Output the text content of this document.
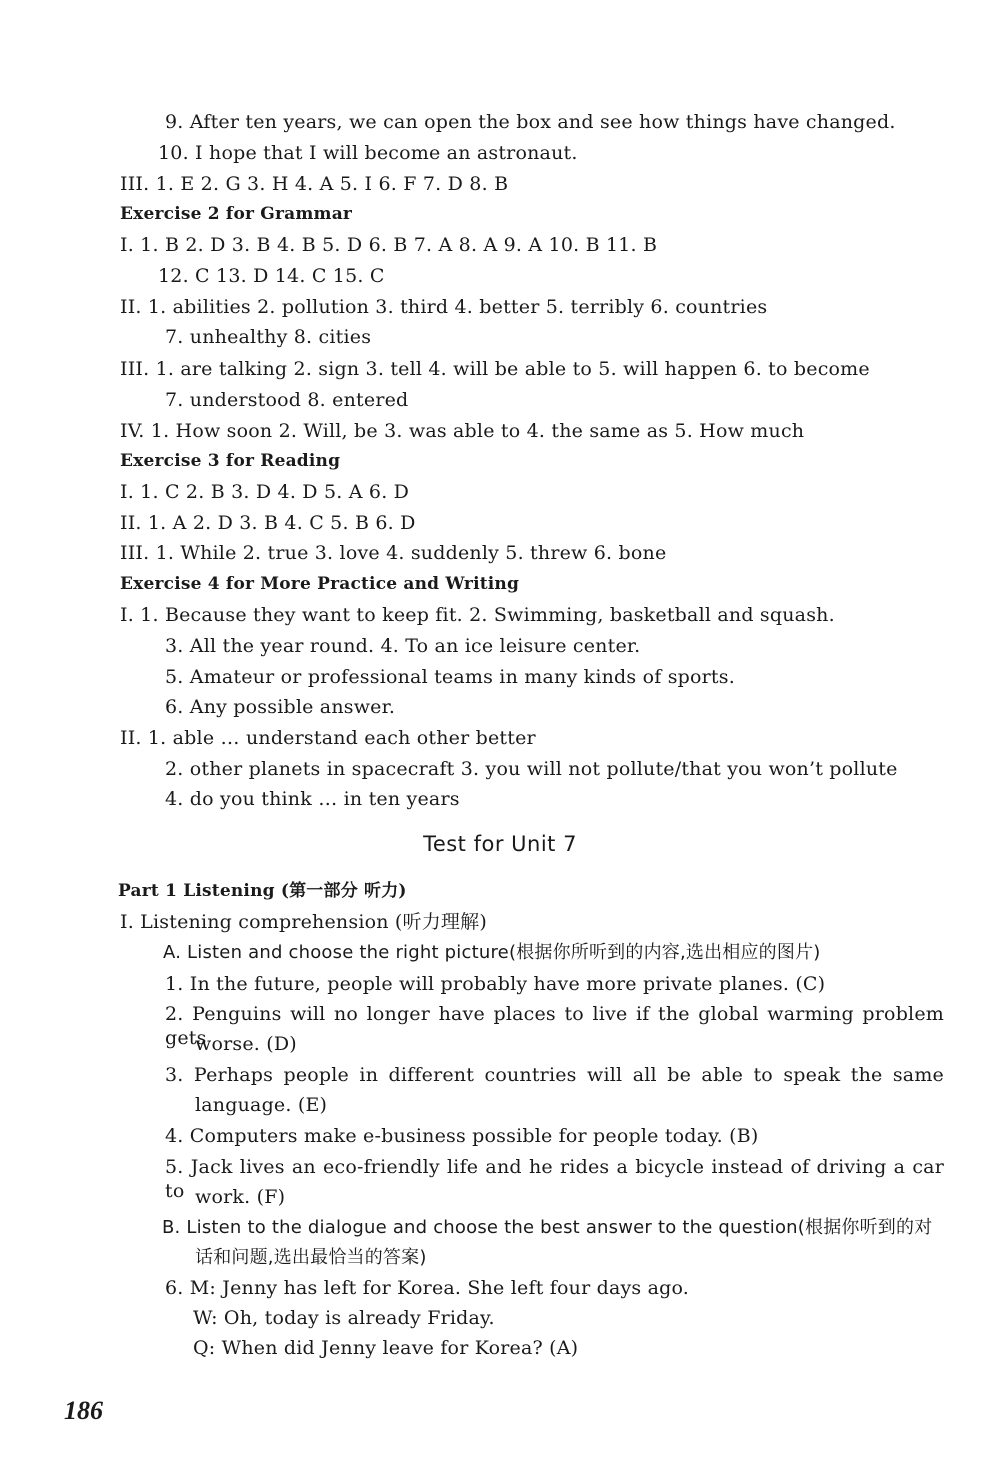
9. After ten years, we can open the box and see how things have changed.
10. I hope that I will become an astronaut.
III. 1. E 2. G 3. H 4. A 5. I 6. F 7. D 8. B
Exercise 2 for Grammar
I. 1. B 2. D 3. B 4. B 5. D 6. B 7. A 8. A 9. A 10. B 11. B
12. C 13. D 14. C 15. C
II. 1. abilities 2. pollution 3. third 4. better 5. terribly 6. countries
7. unhealthy 8. cities
III. 1. are talking 2. sign 3. tell 4. will be able to 5. will happen 6. to become
7. understood 8. entered
IV. 1. How soon 2. Will, be 3. was able to 4. the same as 5. How much
Exercise 3 for Reading
I. 1. C 2. B 3. D 4. D 5. A 6. D
II. 1. A 2. D 3. B 4. C 5. B 6. D
III. 1. While 2. true 3. love 4. suddenly 5. threw 6. bone
Exercise 4 for More Practice and Writing
I. 1. Because they want to keep fit. 2. Swimming, basketball and squash.
3. All the year round. 4. To an ice leisure center.
5. Amateur or professional teams in many kinds of sports.
6. Any possible answer.
II. 1. able … understand each other better
2. other planets in spacecraft 3. you will not pollute/that you won’t pollute
4. do you think … in ten years
Test for Unit 7
Part 1 Listening (第一部分 听力)
I. Listening comprehension (听力理解)
A. Listen and choose the right picture(根据你所听到的内容,选出相应的图片)
1. In the future, people will probably have more private planes. (C)
2. Penguins will no longer have places to live if the global warming problem gets
worse. (D)
3. Perhaps people in different countries will all be able to speak the same
language. (E)
4. Computers make e-business possible for people today. (B)
5. Jack lives an eco-friendly life and he rides a bicycle instead of driving a car to work. (F)
B. Listen to the dialogue and choose the best answer to the question(根据你听到的对
话和问题,选出最恰当的答案)
6. M: Jenny has left for Korea. She left four days ago.
W: Oh, today is already Friday.
Q: When did Jenny leave for Korea? (A)
186
